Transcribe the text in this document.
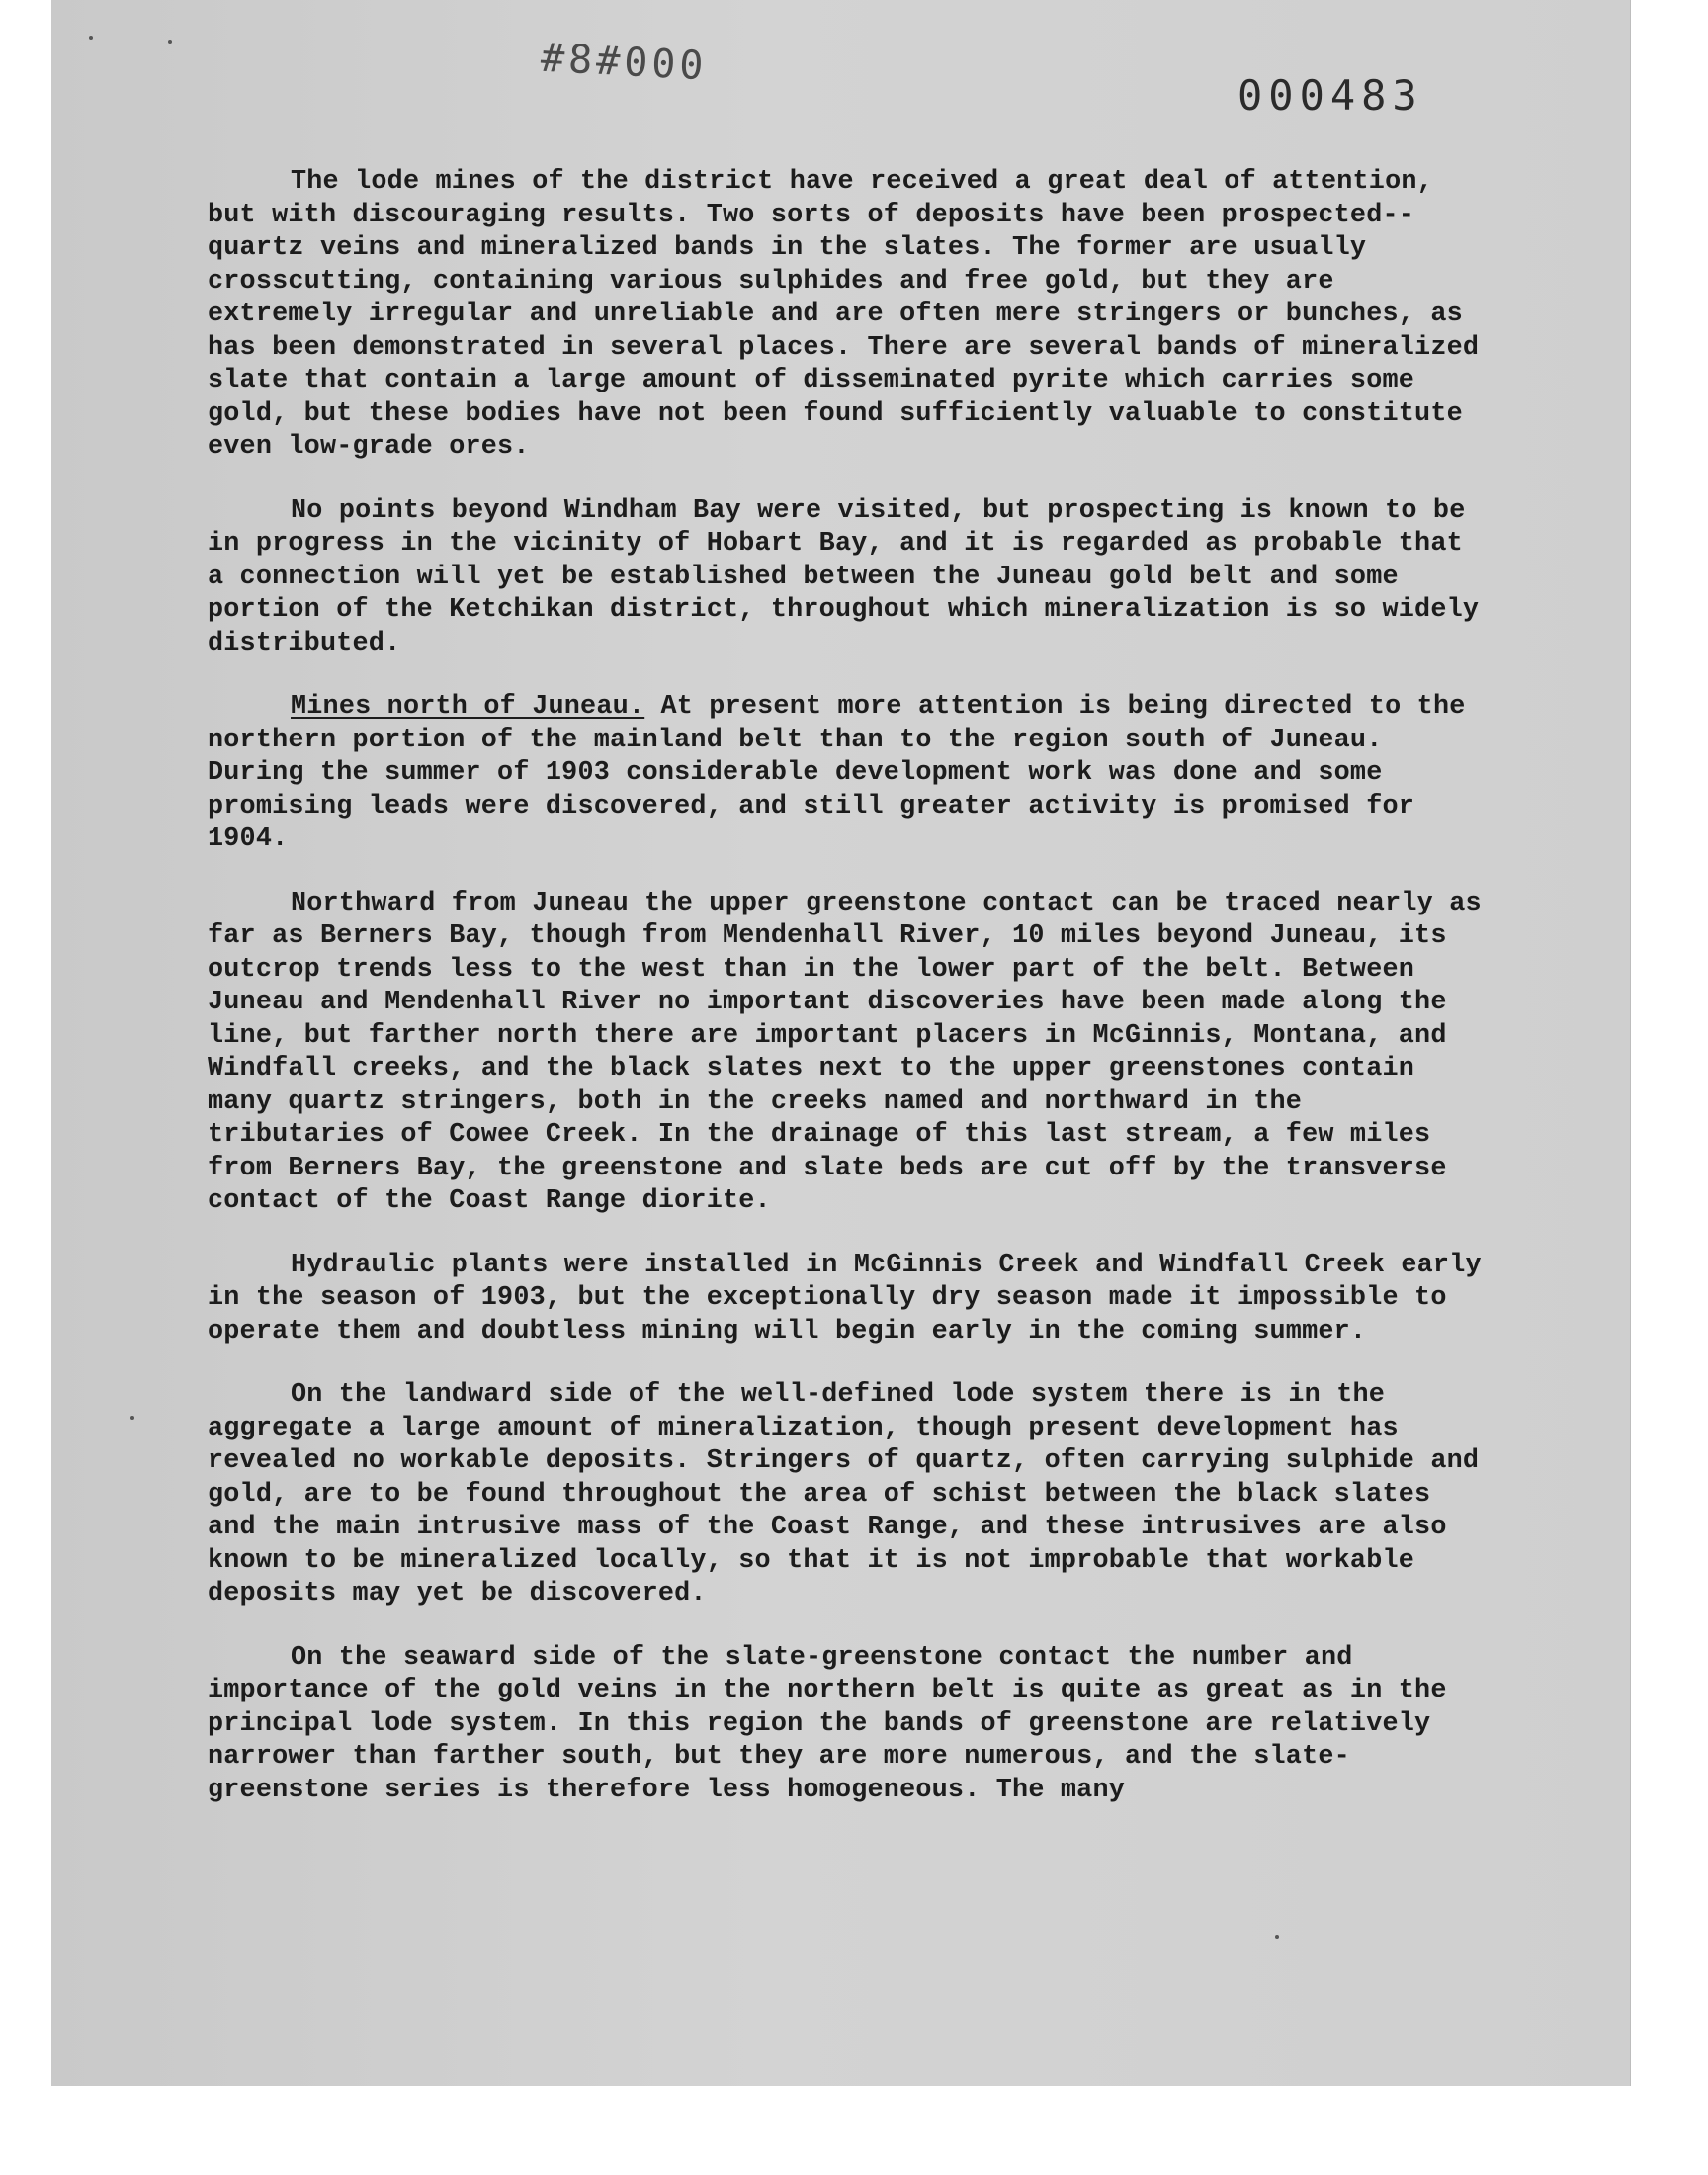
#8#000
000483

The lode mines of the district have received a great deal of attention, but with discouraging results. Two sorts of deposits have been prospected--quartz veins and mineralized bands in the slates. The former are usually crosscutting, containing various sulphides and free gold, but they are extremely irregular and unreliable and are often mere stringers or bunches, as has been demonstrated in several places. There are several bands of mineralized slate that contain a large amount of disseminated pyrite which carries some gold, but these bodies have not been found sufficiently valuable to constitute even low-grade ores.

No points beyond Windham Bay were visited, but prospecting is known to be in progress in the vicinity of Hobart Bay, and it is regarded as probable that a connection will yet be established between the Juneau gold belt and some portion of the Ketchikan district, throughout which mineralization is so widely distributed.

Mines north of Juneau. At present more attention is being directed to the northern portion of the mainland belt than to the region south of Juneau. During the summer of 1903 considerable development work was done and some promising leads were discovered, and still greater activity is promised for 1904.

Northward from Juneau the upper greenstone contact can be traced nearly as far as Berners Bay, though from Mendenhall River, 10 miles beyond Juneau, its outcrop trends less to the west than in the lower part of the belt. Between Juneau and Mendenhall River no important discoveries have been made along the line, but farther north there are important placers in McGinnis, Montana, and Windfall creeks, and the black slates next to the upper greenstones contain many quartz stringers, both in the creeks named and northward in the tributaries of Cowee Creek. In the drainage of this last stream, a few miles from Berners Bay, the greenstone and slate beds are cut off by the transverse contact of the Coast Range diorite.

Hydraulic plants were installed in McGinnis Creek and Windfall Creek early in the season of 1903, but the exceptionally dry season made it impossible to operate them and doubtless mining will begin early in the coming summer.

On the landward side of the well-defined lode system there is in the aggregate a large amount of mineralization, though present development has revealed no workable deposits. Stringers of quartz, often carrying sulphide and gold, are to be found throughout the area of schist between the black slates and the main intrusive mass of the Coast Range, and these intrusives are also known to be mineralized locally, so that it is not improbable that workable deposits may yet be discovered.

On the seaward side of the slate-greenstone contact the number and importance of the gold veins in the northern belt is quite as great as in the principal lode system. In this region the bands of greenstone are relatively narrower than farther south, but they are more numerous, and the slate-greenstone series is therefore less homogeneous. The many
